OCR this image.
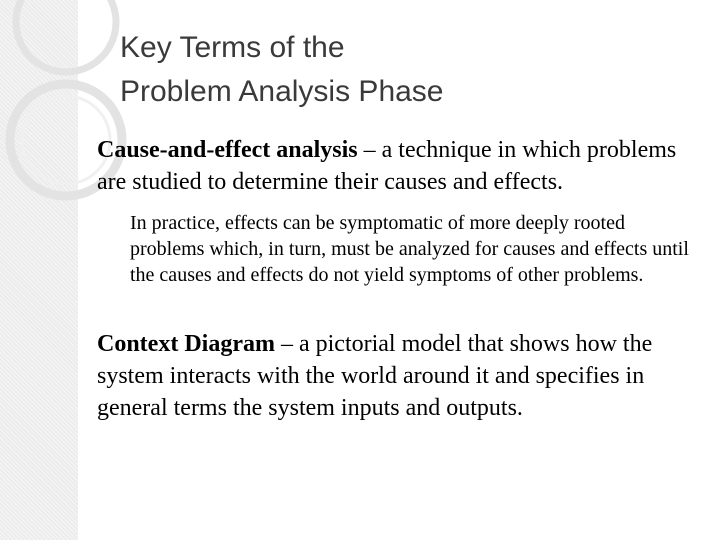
Key Terms of the
Problem Analysis Phase

Cause-and-effect analysis – a technique in which problems are studied to determine their causes and effects.

In practice, effects can be symptomatic of more deeply rooted problems which, in turn, must be analyzed for causes and effects until the causes and effects do not yield symptoms of other problems.

Context Diagram – a pictorial model that shows how the system interacts with the world around it and specifies in general terms the system inputs and outputs.
